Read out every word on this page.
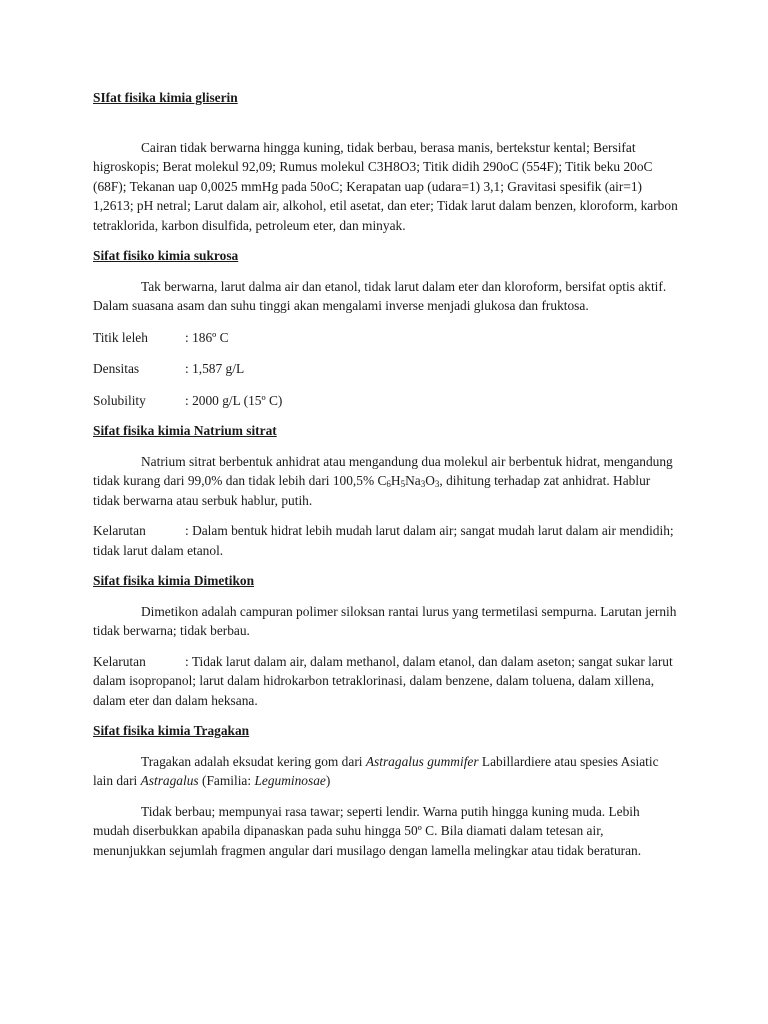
SIfat fisika kimia gliserin

Cairan tidak berwarna hingga kuning, tidak berbau, berasa manis, bertekstur kental; Bersifat higroskopis; Berat molekul 92,09; Rumus molekul C3H8O3; Titik didih 290oC (554F); Titik beku 20oC (68F); Tekanan uap 0,0025 mmHg pada 50oC; Kerapatan uap (udara=1) 3,1; Gravitasi spesifik (air=1) 1,2613; pH netral; Larut dalam air, alkohol, etil asetat, dan eter; Tidak larut dalam benzen, kloroform, karbon tetraklorida, karbon disulfida, petroleum eter, dan minyak.

Sifat fisiko kimia sukrosa

Tak berwarna, larut dalma air dan etanol, tidak larut dalam eter dan kloroform, bersifat optis aktif. Dalam suasana asam dan suhu tinggi akan mengalami inverse menjadi glukosa dan fruktosa.

Titik leleh	: 186º C

Densitas	: 1,587 g/L

Solubility	: 2000 g/L (15º C)

Sifat fisika kimia Natrium sitrat

Natrium sitrat berbentuk anhidrat atau mengandung dua molekul air berbentuk hidrat, mengandung tidak kurang dari 99,0% dan tidak lebih dari 100,5% $C_6H_5Na_3O_3$, dihitung terhadap zat anhidrat. Hablur tidak berwarna atau serbuk hablur, putih.

Kelarutan	: Dalam bentuk hidrat lebih mudah larut dalam air; sangat mudah larut dalam air mendidih; tidak larut dalam etanol.

Sifat fisika kimia Dimetikon

Dimetikon adalah campuran polimer siloksan rantai lurus yang termetilasi sempurna. Larutan jernih tidak berwarna; tidak berbau.

Kelarutan	: Tidak larut dalam air, dalam methanol, dalam etanol, dan dalam aseton; sangat sukar larut dalam isopropanol; larut dalam hidrokarbon tetraklorinasi, dalam benzene, dalam toluena, dalam xillena, dalam eter dan dalam heksana.

Sifat fisika kimia Tragakan

Tragakan adalah eksudat kering gom dari Astragalus gummifer Labillardiere atau spesies Asiatic lain dari Astragalus (Familia: Leguminosae)

Tidak berbau; mempunyai rasa tawar; seperti lendir. Warna putih hingga kuning muda. Lebih mudah diserbukkan apabila dipanaskan pada suhu hingga 50º C. Bila diamati dalam tetesan air, menunjukkan sejumlah fragmen angular dari musilago dengan lamella melingkar atau tidak beraturan.
